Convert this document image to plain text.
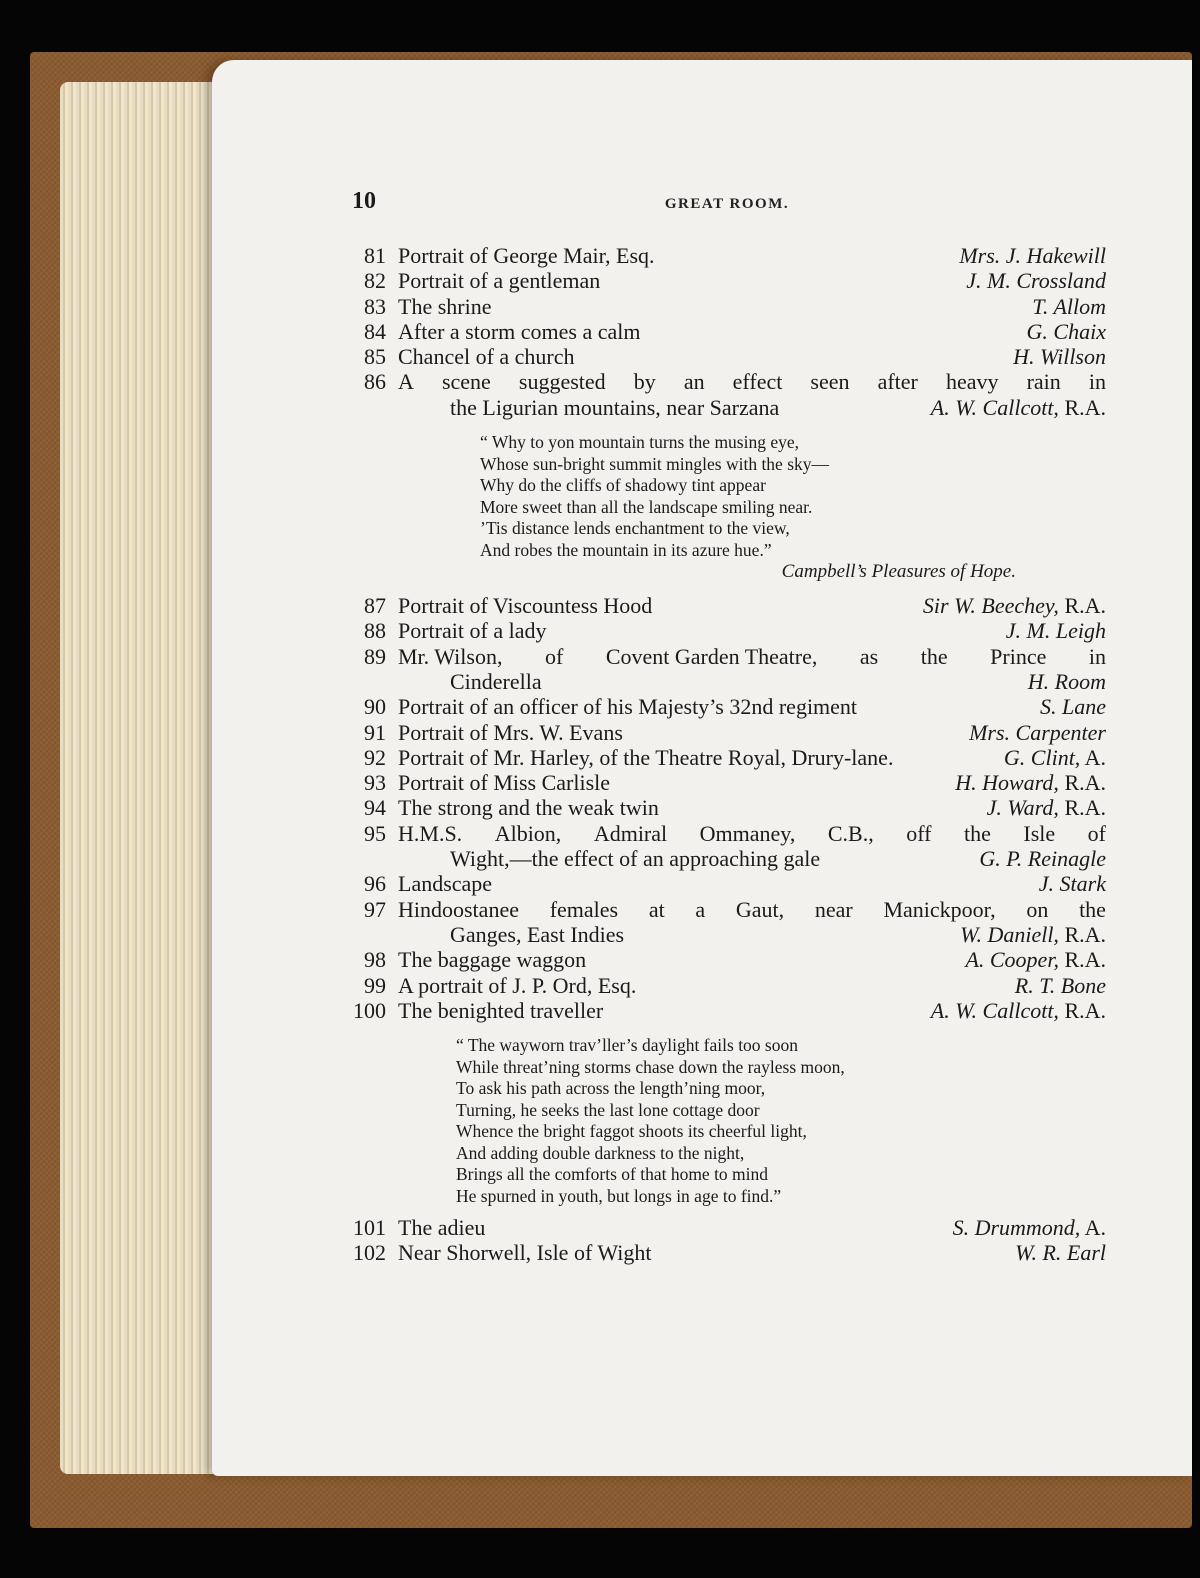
10	GREAT ROOM.
81 Portrait of George Mair, Esq.	Mrs. J. Hakewill
82 Portrait of a gentleman	J. M. Crossland
83 The shrine	T. Allom
84 After a storm comes a calm	G. Chaix
85 Chancel of a church	H. Willson
86 A scene suggested by an effect seen after heavy rain in
the Ligurian mountains, near Sarzana	A. W. Callcott, R.A.
“ Why to yon mountain turns the musing eye,
Whose sun-bright summit mingles with the sky—
Why do the cliffs of shadowy tint appear
More sweet than all the landscape smiling near.
’Tis distance lends enchantment to the view,
And robes the mountain in its azure hue.”
Campbell’s Pleasures of Hope.
87 Portrait of Viscountess Hood	Sir W. Beechey, R.A.
88 Portrait of a lady	J. M. Leigh
89 Mr. Wilson, of Covent Garden Theatre, as the Prince in
Cinderella	H. Room
90 Portrait of an officer of his Majesty’s 32nd regiment	S. Lane
91 Portrait of Mrs. W. Evans	Mrs. Carpenter
92 Portrait of Mr. Harley, of the Theatre Royal, Drury-lane.	G. Clint, A.
93 Portrait of Miss Carlisle	H. Howard, R.A.
94 The strong and the weak twin	J. Ward, R.A.
95 H.M.S. Albion, Admiral Ommaney, C.B., off the Isle of
Wight,—the effect of an approaching gale	G. P. Reinagle
96 Landscape	J. Stark
97 Hindoostanee females at a Gaut, near Manickpoor, on the
Ganges, East Indies	W. Daniell, R.A.
98 The baggage waggon	A. Cooper, R.A.
99 A portrait of J. P. Ord, Esq.	R. T. Bone
100 The benighted traveller	A. W. Callcott, R.A.
“ The wayworn trav’ller’s daylight fails too soon
While threat’ning storms chase down the rayless moon,
To ask his path across the length’ning moor,
Turning, he seeks the last lone cottage door
Whence the bright faggot shoots its cheerful light,
And adding double darkness to the night,
Brings all the comforts of that home to mind
He spurned in youth, but longs in age to find.”
101 The adieu	S. Drummond, A.
102 Near Shorwell, Isle of Wight	W. R. Earl
